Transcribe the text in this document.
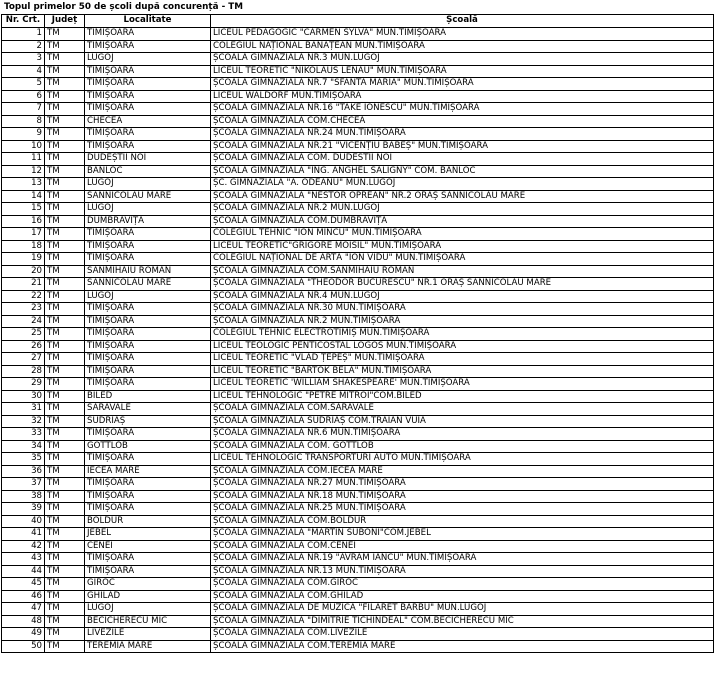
Topul primelor 50 de școli după concurență - TM
Nr. Crt.	Județ	Localitate	Școală
1	TM	TIMIȘOARA	LICEUL PEDAGOGIC "CARMEN SYLVA" MUN.TIMIȘOARA
2	TM	TIMIȘOARA	COLEGIUL NAȚIONAL BĂNĂȚEAN MUN.TIMIȘOARA
3	TM	LUGOJ	ȘCOALA GIMNAZIALĂ NR.3 MUN.LUGOJ
4	TM	TIMIȘOARA	LICEUL TEORETIC "NIKOLAUS LENAU" MUN.TIMIȘOARA
5	TM	TIMIȘOARA	ȘCOALA GIMNAZIALĂ NR.7 "SFÂNTA MARIA" MUN.TIMIȘOARA
6	TM	TIMIȘOARA	LICEUL WALDORF MUN.TIMIȘOARA
7	TM	TIMIȘOARA	ȘCOALA GIMNAZIALĂ NR.16 "TAKE IONESCU" MUN.TIMIȘOARA
8	TM	CHECEA	ȘCOALA GIMNAZIALĂ COM.CHECEA
9	TM	TIMIȘOARA	ȘCOALA GIMNAZIALĂ NR.24 MUN.TIMIȘOARA
10	TM	TIMIȘOARA	ȘCOALA GIMNAZIALĂ NR.21 "VICENȚIU BABEȘ" MUN.TIMIȘOARA
11	TM	DUDEȘTII NOI	ȘCOALA GIMNAZIALĂ COM. DUDESTII NOI
12	TM	BANLOC	ȘCOALA GIMNAZIALĂ "ING. ANGHEL SALIGNY" COM. BANLOC
13	TM	LUGOJ	ȘC. GIMNAZIALĂ "A. ODEANU" MUN.LUGOJ
14	TM	SÂNNICOLAU MARE	ȘCOALA GIMNAZIALĂ "NESTOR OPREAN" NR.2 ORAȘ SÂNNICOLAU MARE
15	TM	LUGOJ	ȘCOALA GIMNAZIALĂ NR.2 MUN.LUGOJ
16	TM	DUMBRĂVIȚA	ȘCOALA GIMNAZIALĂ COM.DUMBRĂVIȚA
17	TM	TIMIȘOARA	COLEGIUL TEHNIC "ION MINCU" MUN.TIMIȘOARA
18	TM	TIMIȘOARA	LICEUL TEORETIC"GRIGORE MOISIL" MUN.TIMIȘOARA
19	TM	TIMIȘOARA	COLEGIUL NAȚIONAL DE ARTĂ "ION VIDU" MUN.TIMIȘOARA
20	TM	SÂNMIHAIU ROMÂN	ȘCOALA GIMNAZIALĂ COM.SÂNMIHAIU ROMÂN
21	TM	SÂNNICOLAU MARE	ȘCOALA GIMNAZIALĂ "THEODOR BUCURESCU" NR.1 ORAȘ SÂNNICOLAU MARE
22	TM	LUGOJ	ȘCOALA GIMNAZIALĂ NR.4 MUN.LUGOJ
23	TM	TIMIȘOARA	ȘCOALA GIMNAZIALĂ NR.30 MUN.TIMIȘOARA
24	TM	TIMIȘOARA	ȘCOALA GIMNAZIALĂ NR.2 MUN.TIMIȘOARA
25	TM	TIMIȘOARA	COLEGIUL TEHNIC ELECTROTIMIȘ MUN.TIMIȘOARA
26	TM	TIMIȘOARA	LICEUL TEOLOGIC PENTICOSTAL LOGOS MUN.TIMIȘOARA
27	TM	TIMIȘOARA	LICEUL TEORETIC "VLAD ȚEPEȘ" MUN.TIMIȘOARA
28	TM	TIMIȘOARA	LICEUL TEORETIC "BARTOK BELA" MUN.TIMIȘOARA
29	TM	TIMIȘOARA	LICEUL TEORETIC 'WILLIAM SHAKESPEARE' MUN.TIMIȘOARA
30	TM	BILED	LICEUL TEHNOLOGIC "PETRE MITROI"COM.BILED
31	TM	SARAVALE	ȘCOALA GIMNAZIALĂ COM.SARAVALE
32	TM	SUDRIAȘ	ȘCOALA GIMNAZIALĂ SUDRIAȘ COM.TRAIAN VUIA
33	TM	TIMIȘOARA	ȘCOALA GIMNAZIALĂ NR.6 MUN.TIMIȘOARA
34	TM	GOTTLOB	ȘCOALA GIMNAZIALĂ COM. GOTTLOB
35	TM	TIMIȘOARA	LICEUL TEHNOLOGIC TRANSPORTURI AUTO MUN.TIMIȘOARA
36	TM	IECEA MARE	ȘCOALA GIMNAZIALĂ COM.IECEA MARE
37	TM	TIMIȘOARA	ȘCOALA GIMNAZIALĂ NR.27 MUN.TIMIȘOARA
38	TM	TIMIȘOARA	ȘCOALA GIMNAZIALĂ NR.18 MUN.TIMIȘOARA
39	TM	TIMIȘOARA	ȘCOALA GIMNAZIALĂ NR.25 MUN.TIMIȘOARA
40	TM	BOLDUR	ȘCOALA GIMNAZIALĂ COM.BOLDUR
41	TM	JEBEL	ȘCOALA GIMNAZIALĂ "MARTIN SUBONI"COM.JEBEL
42	TM	CENEI	ȘCOALA GIMNAZIALĂ COM.CENEI
43	TM	TIMIȘOARA	ȘCOALA GIMNAZIALĂ NR.19 "AVRAM IANCU" MUN.TIMIȘOARA
44	TM	TIMIȘOARA	ȘCOALA GIMNAZIALĂ NR.13 MUN.TIMIȘOARA
45	TM	GIROC	ȘCOALA GIMNAZIALĂ COM.GIROC
46	TM	GHILAD	ȘCOALA GIMNAZIALĂ COM.GHILAD
47	TM	LUGOJ	ȘCOALA GIMNAZIALĂ DE MUZICA "FILARET BARBU" MUN.LUGOJ
48	TM	BECICHERECU MIC	ȘCOALA GIMNAZIALĂ "DIMITRIE TICHINDEAL" COM.BECICHERECU MIC
49	TM	LIVEZILE	ȘCOALA GIMNAZIALĂ COM.LIVEZILE
50	TM	TEREMIA MARE	ȘCOALA GIMNAZIALĂ COM.TEREMIA MARE
